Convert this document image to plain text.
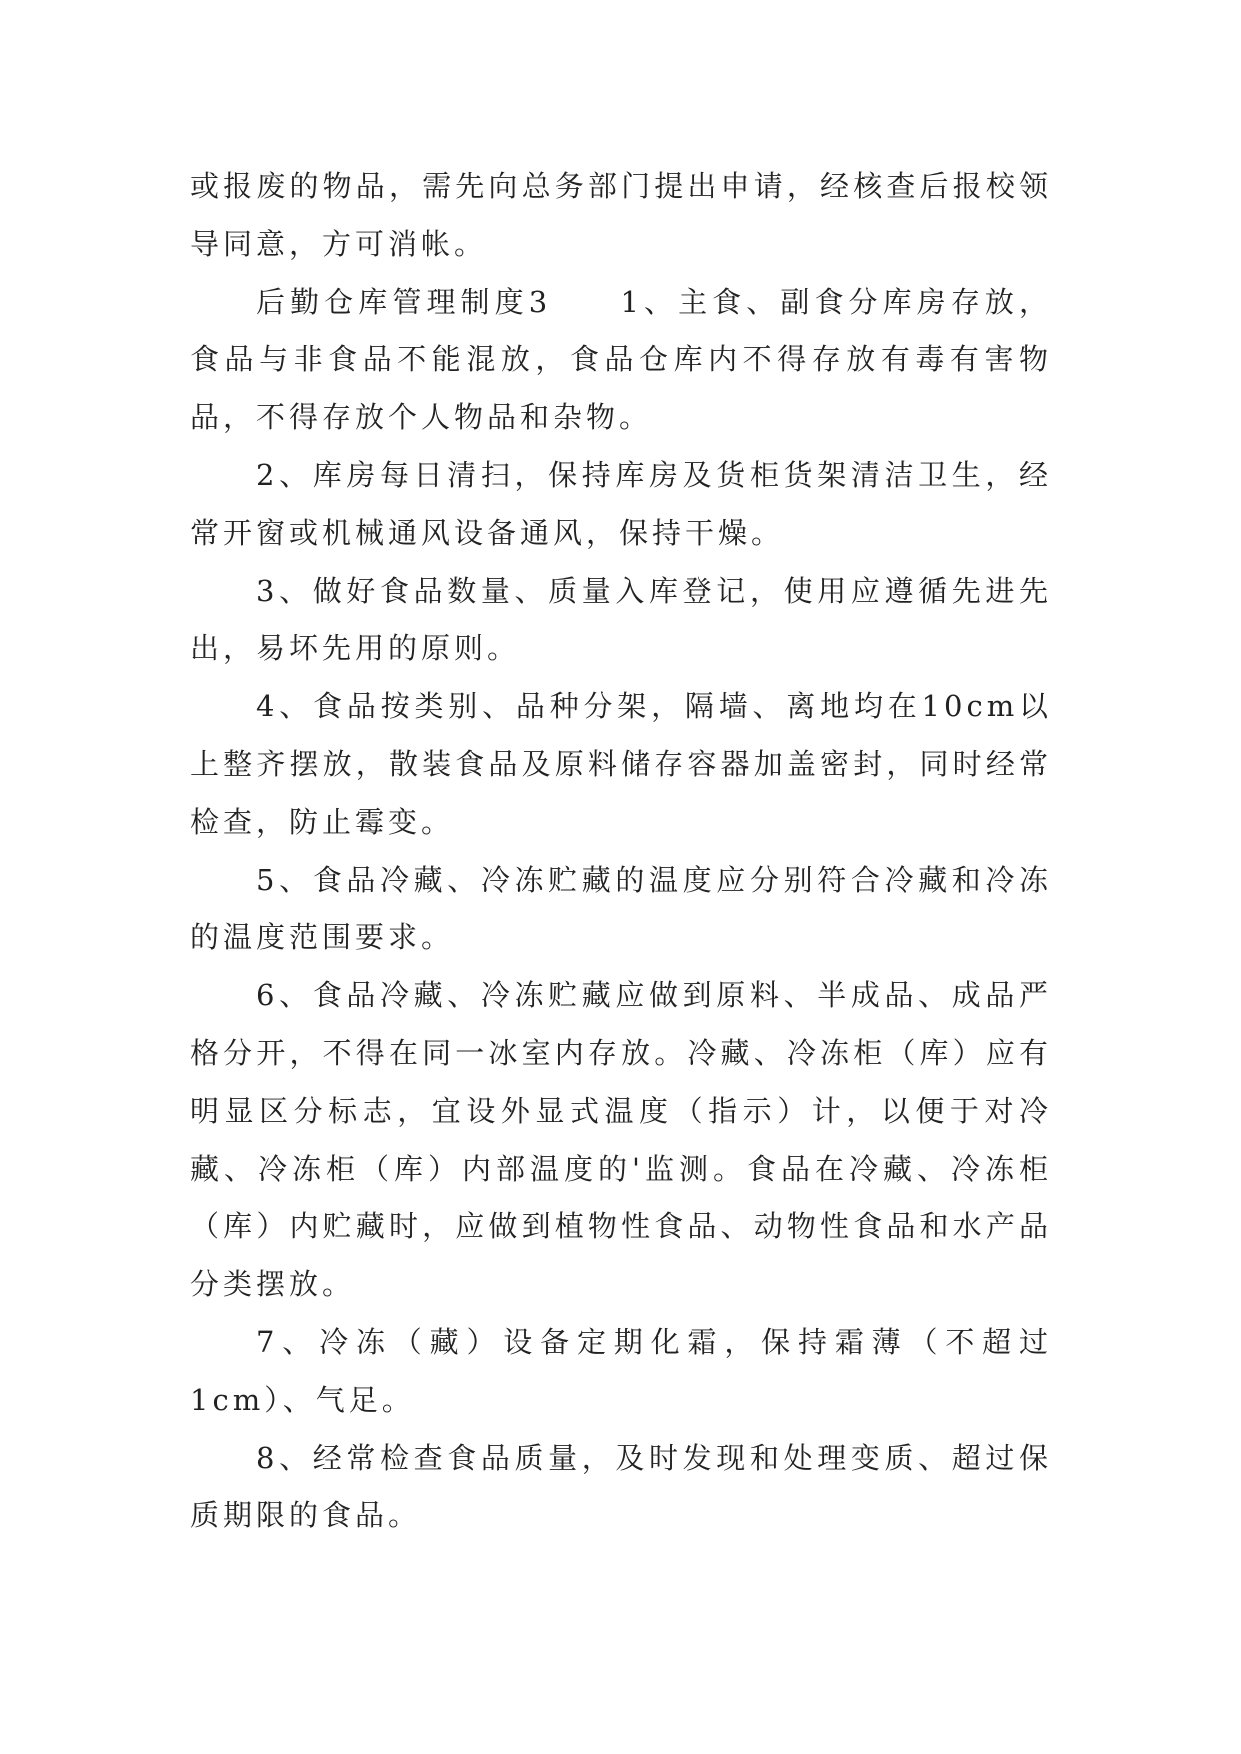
或报废的物品，需先向总务部门提出申请，经核查后报校领导同意，方可消帐。

后勤仓库管理制度3　　1、主食、副食分库房存放，食品与非食品不能混放，食品仓库内不得存放有毒有害物品，不得存放个人物品和杂物。

2、库房每日清扫，保持库房及货柜货架清洁卫生，经常开窗或机械通风设备通风，保持干燥。

3、做好食品数量、质量入库登记，使用应遵循先进先出，易坏先用的原则。

4、食品按类别、品种分架，隔墙、离地均在10cm以上整齐摆放，散装食品及原料储存容器加盖密封，同时经常检查，防止霉变。

5、食品冷藏、冷冻贮藏的温度应分别符合冷藏和冷冻的温度范围要求。

6、食品冷藏、冷冻贮藏应做到原料、半成品、成品严格分开，不得在同一冰室内存放。冷藏、冷冻柜（库）应有明显区分标志，宜设外显式温度（指示）计，以便于对冷藏、冷冻柜（库）内部温度的'监测。食品在冷藏、冷冻柜（库）内贮藏时，应做到植物性食品、动物性食品和水产品分类摆放。

7、冷冻（藏）设备定期化霜，保持霜薄（不超过1cm）、气足。

8、经常检查食品质量，及时发现和处理变质、超过保质期限的食品。
